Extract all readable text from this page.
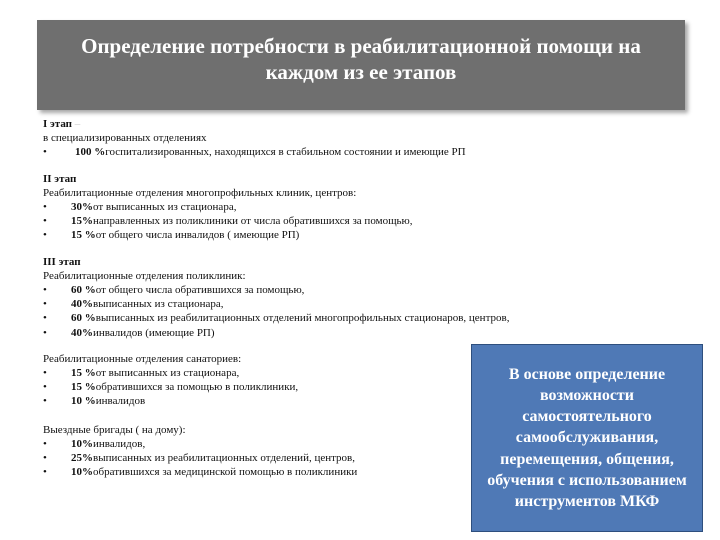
Определение потребности в реабилитационной помощи на каждом из ее этапов
I этап –
в специализированных отделениях
•	100 % госпитализированных, находящихся в стабильном состоянии и имеющие РП
II этап
Реабилитационные отделения многопрофильных клиник, центров:
•	30% от выписанных из стационара,
•	15% направленных из поликлиники от числа обратившихся за помощью,
•	15 % от общего числа инвалидов ( имеющие РП)
III этап
Реабилитационные отделения поликлиник:
•	60 % от общего числа обратившихся за помощью,
•	40% выписанных из стационара,
•	60 % выписанных из реабилитационных отделений многопрофильных стационаров, центров,
•	40% инвалидов (имеющие РП)
Реабилитационные отделения санаториев:
•	15 % от выписанных из стационара,
•	15 % обратившихся за помощью в поликлиники,
•	10 % инвалидов
Выездные бригады ( на дому):
•	10% инвалидов,
•	25% выписанных из реабилитационных отделений, центров,
•	10% обратившихся за медицинской помощью в поликлиники
В основе определение возможности самостоятельного самообслуживания, перемещения, общения, обучения с использованием инструментов МКФ
